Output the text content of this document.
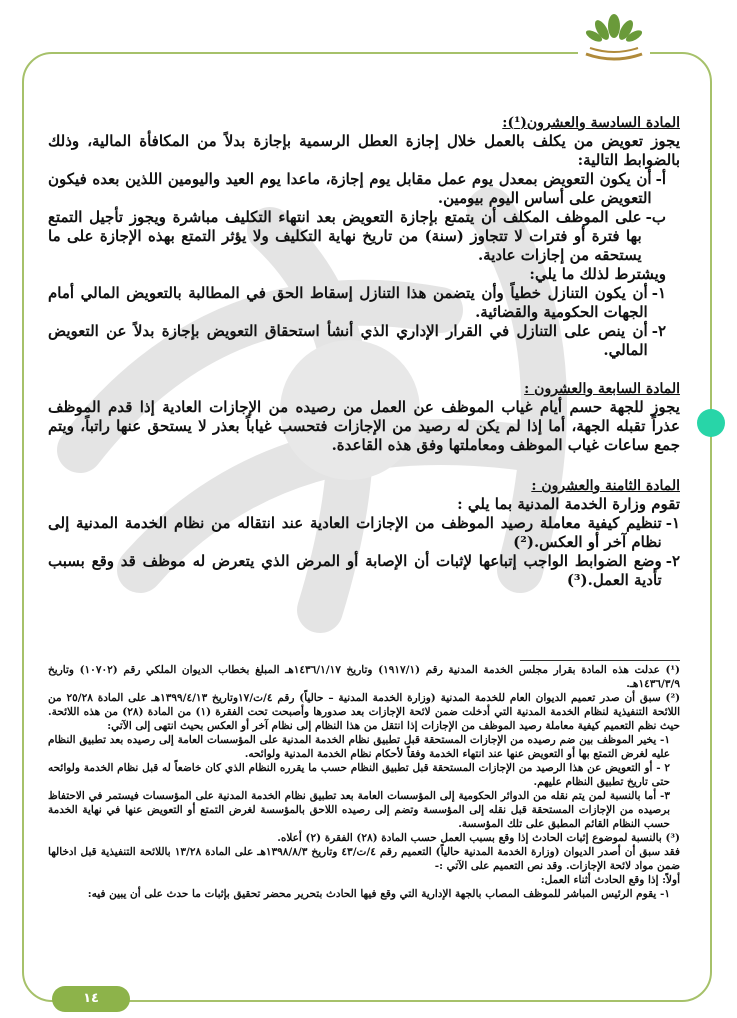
المادة السادسة والعشرون(¹):

يجوز تعويض من يكلف بالعمل خلال إجازة العطل الرسمية بإجازة بدلاً من المكافأة المالية، وذلك بالضوابط التالية:

أ-
أن يكون التعويض بمعدل يوم عمل مقابل يوم إجازة، ماعدا يوم العيد واليومين اللذين بعده فيكون التعويض على أساس اليوم بيومين.
ب-
على الموظف المكلف أن يتمتع بإجازة التعويض بعد انتهاء التكليف مباشرة ويجوز تأجيل التمتع بها فترة أو فترات لا تتجاوز (سنة) من تاريخ نهاية التكليف ولا يؤثر التمتع بهذه الإجازة على ما يستحقه من إجازات عادية.

ويشترط لذلك ما يلي:

١-
أن يكون التنازل خطياً وأن يتضمن هذا التنازل إسقاط الحق في المطالبة بالتعويض المالي أمام الجهات الحكومية والقضائية.
٢-
أن ينص على التنازل في القرار الإداري الذي أنشأ استحقاق التعويض بإجازة بدلاً عن التعويض المالي.

المادة السابعة والعشرون :

يجوز للجهة حسم أيام غياب الموظف عن العمل من رصيده من الإجازات العادية إذا قدم الموظف عذراً تقبله الجهة، أما إذا لم يكن له رصيد من الإجازات فتحسب غياباً بعذر لا يستحق عنها راتباً، ويتم جمع ساعات غياب الموظف ومعاملتها وفق هذه القاعدة.

المادة الثامنة والعشرون :

تقوم وزارة الخدمة المدنية بما يلي :

١-
تنظيم كيفية معاملة رصيد الموظف من الإجازات العادية عند انتقاله من نظام الخدمة المدنية إلى نظام آخر أو العكس.(²)
٢-
وضع الضوابط الواجب إتباعها لإثبات أن الإصابة أو المرض الذي يتعرض له موظف قد وقع بسبب تأدية العمل.(³)

(¹) عدلت هذه المادة بقرار مجلس الخدمة المدنية رقم (١٩١٧/١) وتاريخ ١٤٣٦/١/١٧هـ المبلغ بخطاب الديوان الملكي رقم (١٠٧٠٢) وتاريخ ١٤٣٦/٣/٩هـ.

(²) سبق أن صدر تعميم الديوان العام للخدمة المدنية (وزارة الخدمة المدنية – حالياً) رقم ٤/ت/١٧وتاريخ ١٣٩٩/٤/١٣هـ على المادة ٢٥/٢٨ من اللائحة التنفيذية لنظام الخدمة المدنية التي أدخلت ضمن لائحة الإجازات بعد صدورها وأصبحت تحت الفقرة (١) من المادة (٢٨) من هذه اللائحة. حيث نظم التعميم كيفية معاملة رصيد الموظف من الإجازات إذا انتقل من هذا النظام إلى نظام آخر أو العكس بحيث انتهى إلى الآتي:

١- يخير الموظف بين ضم رصيده من الإجازات المستحقة قبل تطبيق نظام الخدمة المدنية على المؤسسات العامة إلى رصيده بعد تطبيق النظام عليه لغرض التمتع بها أو التعويض عنها عند انتهاء الخدمة وفقاً لأحكام نظام الخدمة المدنية ولوائحه.

٢ - أو التعويض عن هذا الرصيد من الإجازات المستحقة قبل تطبيق النظام حسب ما يقرره النظام الذي كان خاضعاً له قبل نظام الخدمة ولوائحه حتى تاريخ تطبيق النظام عليهم.

٣- أما بالنسبة لمن يتم نقله من الدوائر الحكومية إلى المؤسسات العامة بعد تطبيق نظام الخدمة المدنية على المؤسسات فيستمر في الاحتفاظ برصيده من الإجازات المستحقة قبل نقله إلى المؤسسة وتضم إلى رصيده اللاحق بالمؤسسة لغرض التمتع أو التعويض عنها في نهاية الخدمة حسب النظام القائم المطبق على تلك المؤسسة.

(³) بالنسبة لموضوع إثبات الحادث إذا وقع بسبب العمل حسب المادة (٢٨) الفقرة (٢) أعلاه.

فقد سبق أن أصدر الديوان (وزارة الخدمة المدنية حالياً) التعميم رقم ٤/ت/٤٣ وتاريخ ١٣٩٨/٨/٣هـ على المادة ١٣/٢٨ باللائحة التنفيذية قبل ادخالها ضمن مواد لائحة الإجازات. وقد نص التعميم على الآتي :-

أولاً: إذا وقع الحادث أثناء العمل:

١- يقوم الرئيس المباشر للموظف المصاب بالجهة الإدارية التي وقع فيها الحادث بتحرير محضر تحقيق بإثبات ما حدث على أن يبين فيه:

١٤
